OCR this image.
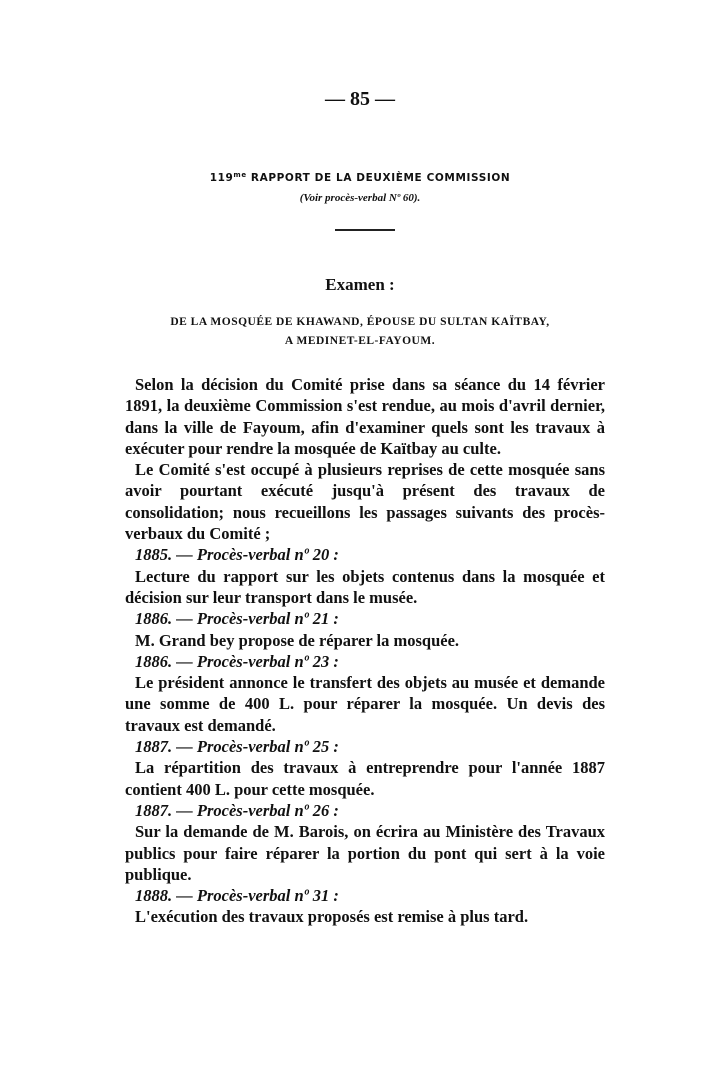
— 85 —
$119^{me}$ RAPPORT DE LA DEUXIÈME COMMISSION
(Voir procès-verbal Nº 60).
Examen :
DE LA MOSQUÉE DE KHAWAND, ÉPOUSE DU SULTAN KAÏTBAY,
A MEDINET-EL-FAYOUM.

Selon la décision du Comité prise dans sa séance du 14 février 1891, la deuxième Commission s'est rendue, au mois d'avril dernier, dans la ville de Fayoum, afin d'examiner quels sont les travaux à exécuter pour rendre la mosquée de Kaïtbay au culte.

Le Comité s'est occupé à plusieurs reprises de cette mosquée sans avoir pourtant exécuté jusqu'à présent des travaux de consolidation; nous recueillons les passages suivants des procès-verbaux du Comité ;

1885. — Procès-verbal nº 20 :

Lecture du rapport sur les objets contenus dans la mosquée et décision sur leur transport dans le musée.

1886. — Procès-verbal nº 21 :

M. Grand bey propose de réparer la mosquée.

1886. — Procès-verbal nº 23 :

Le président annonce le transfert des objets au musée et demande une somme de 400 L. pour réparer la mosquée. Un devis des travaux est demandé.

1887. — Procès-verbal nº 25 :

La répartition des travaux à entreprendre pour l'année 1887 contient 400 L. pour cette mosquée.

1887. — Procès-verbal nº 26 :

Sur la demande de M. Barois, on écrira au Ministère des Travaux publics pour faire réparer la portion du pont qui sert à la voie publique.

1888. — Procès-verbal nº 31 :

L'exécution des travaux proposés est remise à plus tard.
